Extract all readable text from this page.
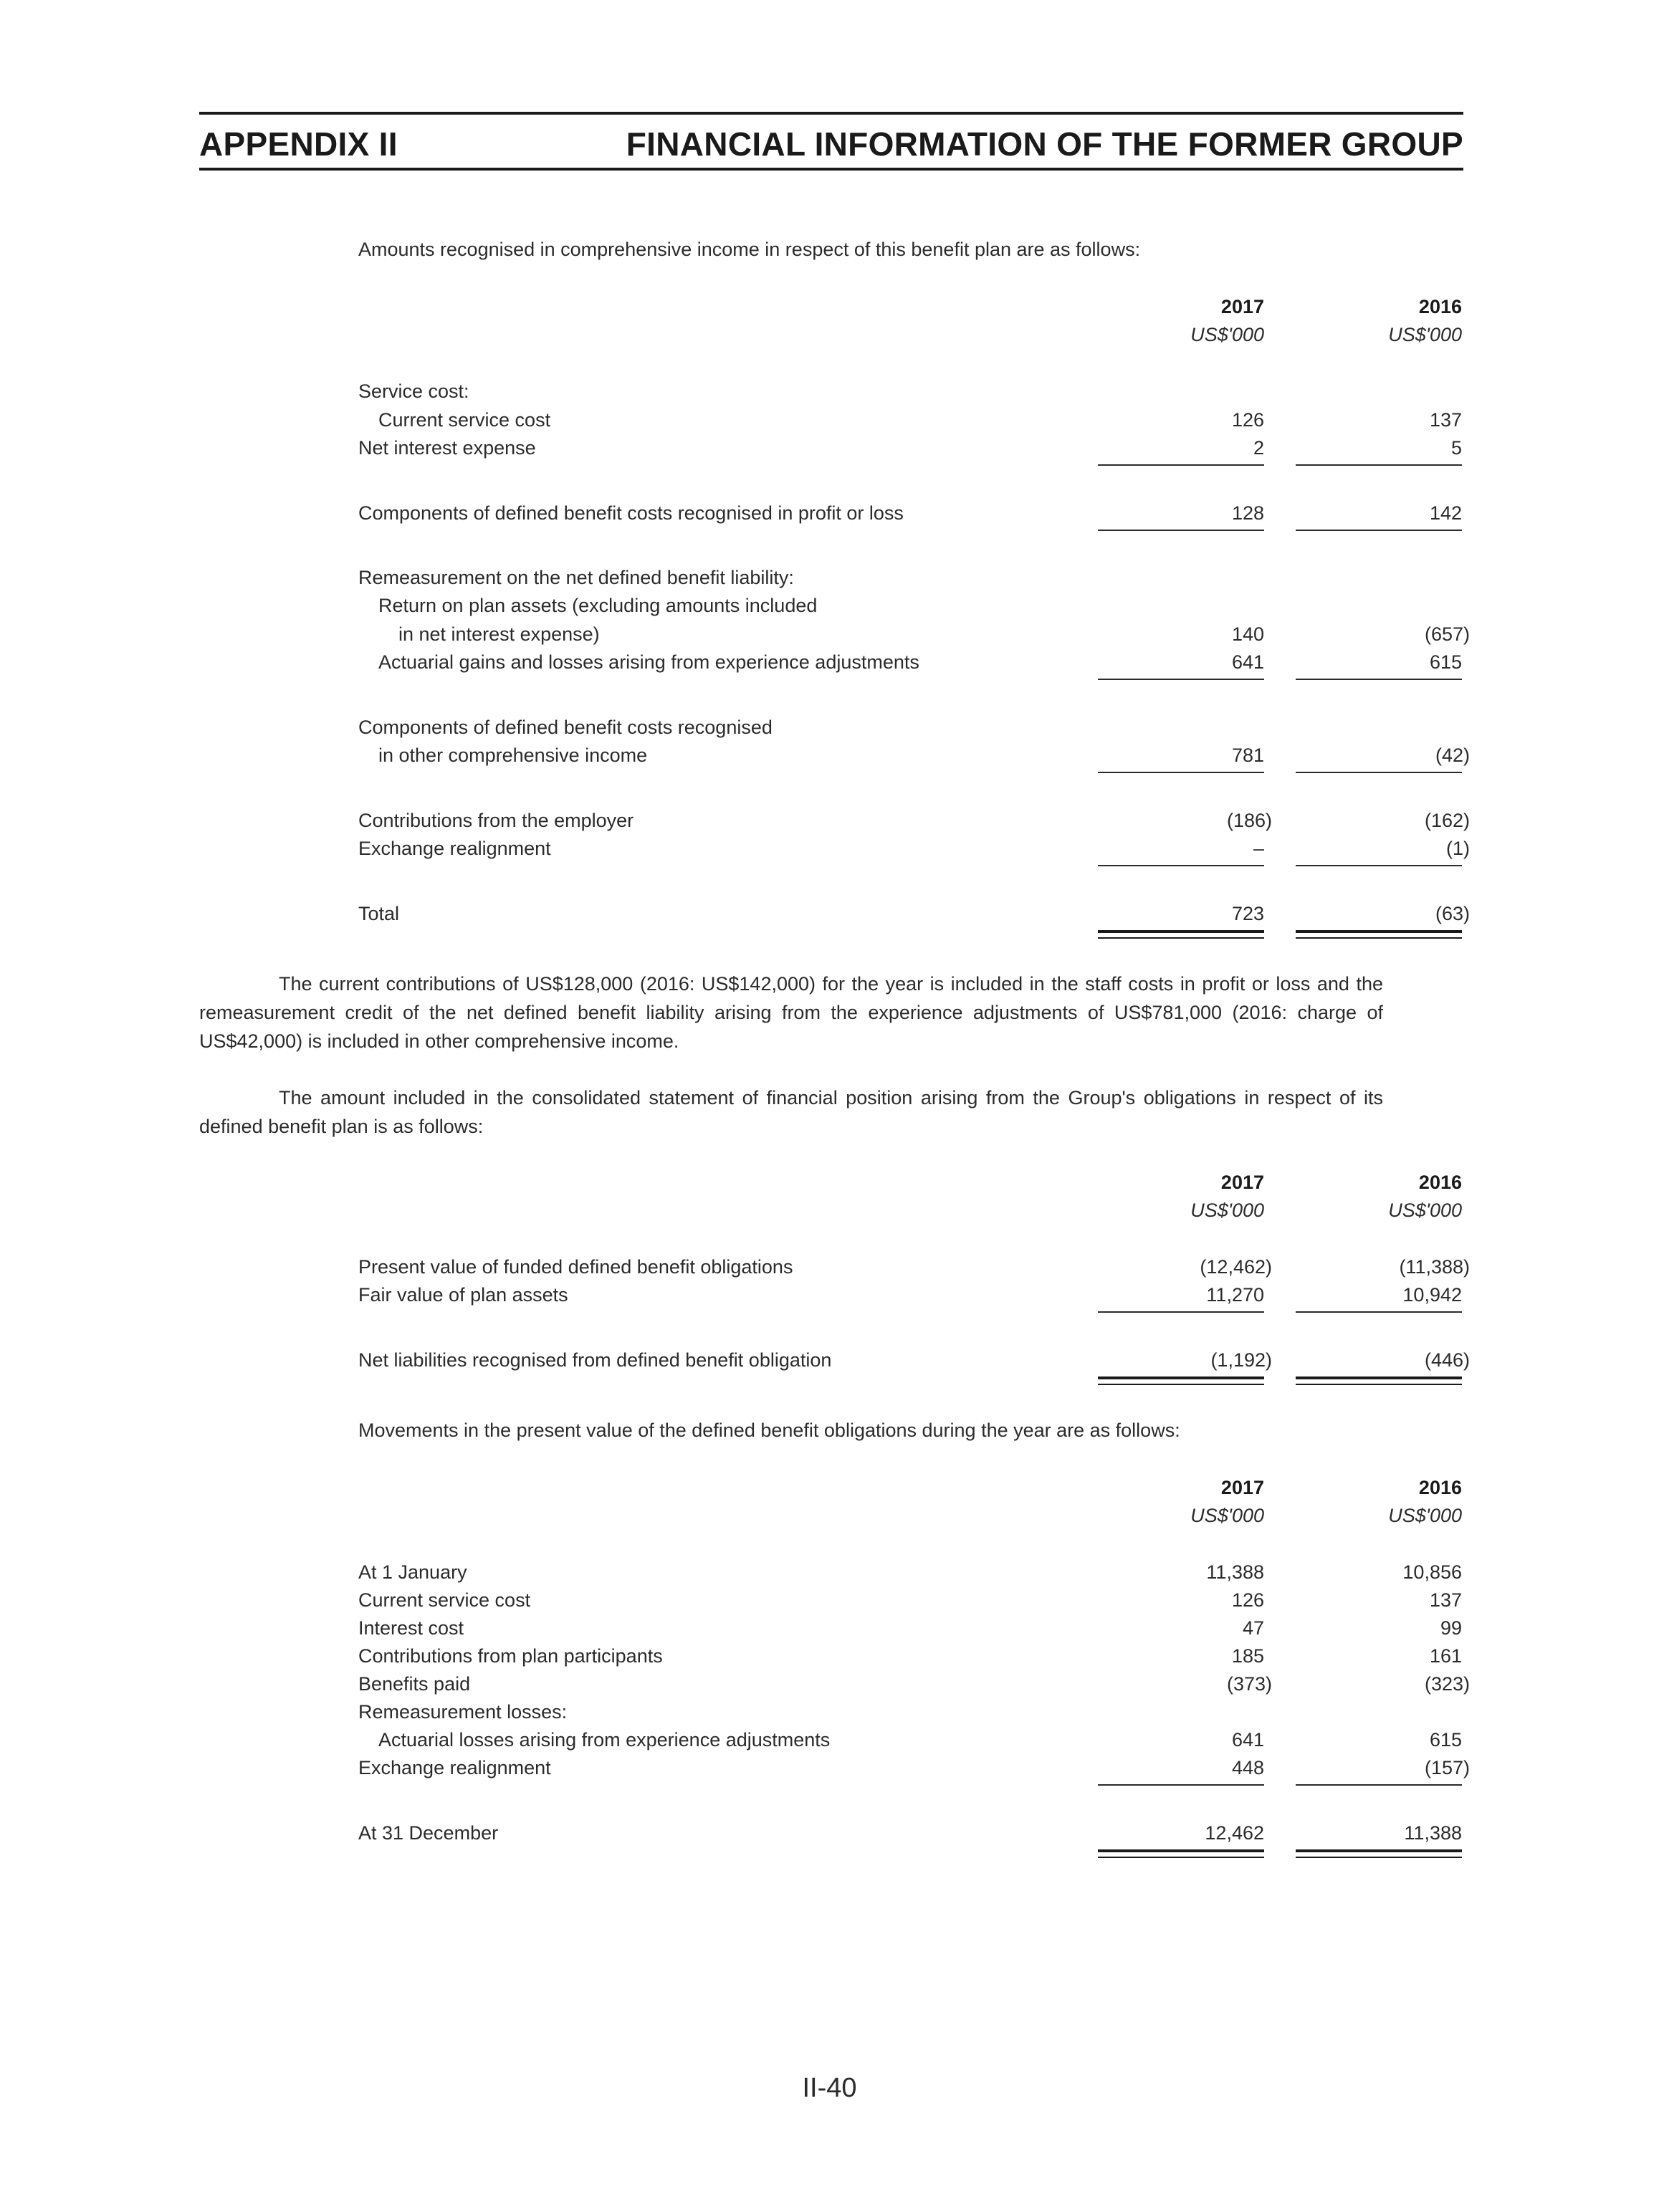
APPENDIX II	FINANCIAL INFORMATION OF THE FORMER GROUP
Amounts recognised in comprehensive income in respect of this benefit plan are as follows:
2017	2016
US$'000	US$'000
Service cost:
Current service cost	126	137
Net interest expense	2	5
Components of defined benefit costs recognised in profit or loss	128	142
Remeasurement on the net defined benefit liability:
Return on plan assets (excluding amounts included
in net interest expense)	140	(657)
Actuarial gains and losses arising from experience adjustments	641	615
Components of defined benefit costs recognised
in other comprehensive income	781	(42)
Contributions from the employer	(186)	(162)
Exchange realignment	–	(1)
Total	723	(63)
The current contributions of US$128,000 (2016: US$142,000) for the year is included in the staff costs in profit or loss and the remeasurement credit of the net defined benefit liability arising from the experience adjustments of US$781,000 (2016: charge of US$42,000) is included in other comprehensive income.
The amount included in the consolidated statement of financial position arising from the Group's obligations in respect of its defined benefit plan is as follows:
2017	2016
US$'000	US$'000
Present value of funded defined benefit obligations	(12,462)	(11,388)
Fair value of plan assets	11,270	10,942
Net liabilities recognised from defined benefit obligation	(1,192)	(446)
Movements in the present value of the defined benefit obligations during the year are as follows:
2017	2016
US$'000	US$'000
At 1 January	11,388	10,856
Current service cost	126	137
Interest cost	47	99
Contributions from plan participants	185	161
Benefits paid	(373)	(323)
Remeasurement losses:
Actuarial losses arising from experience adjustments	641	615
Exchange realignment	448	(157)
At 31 December	12,462	11,388
II-40
